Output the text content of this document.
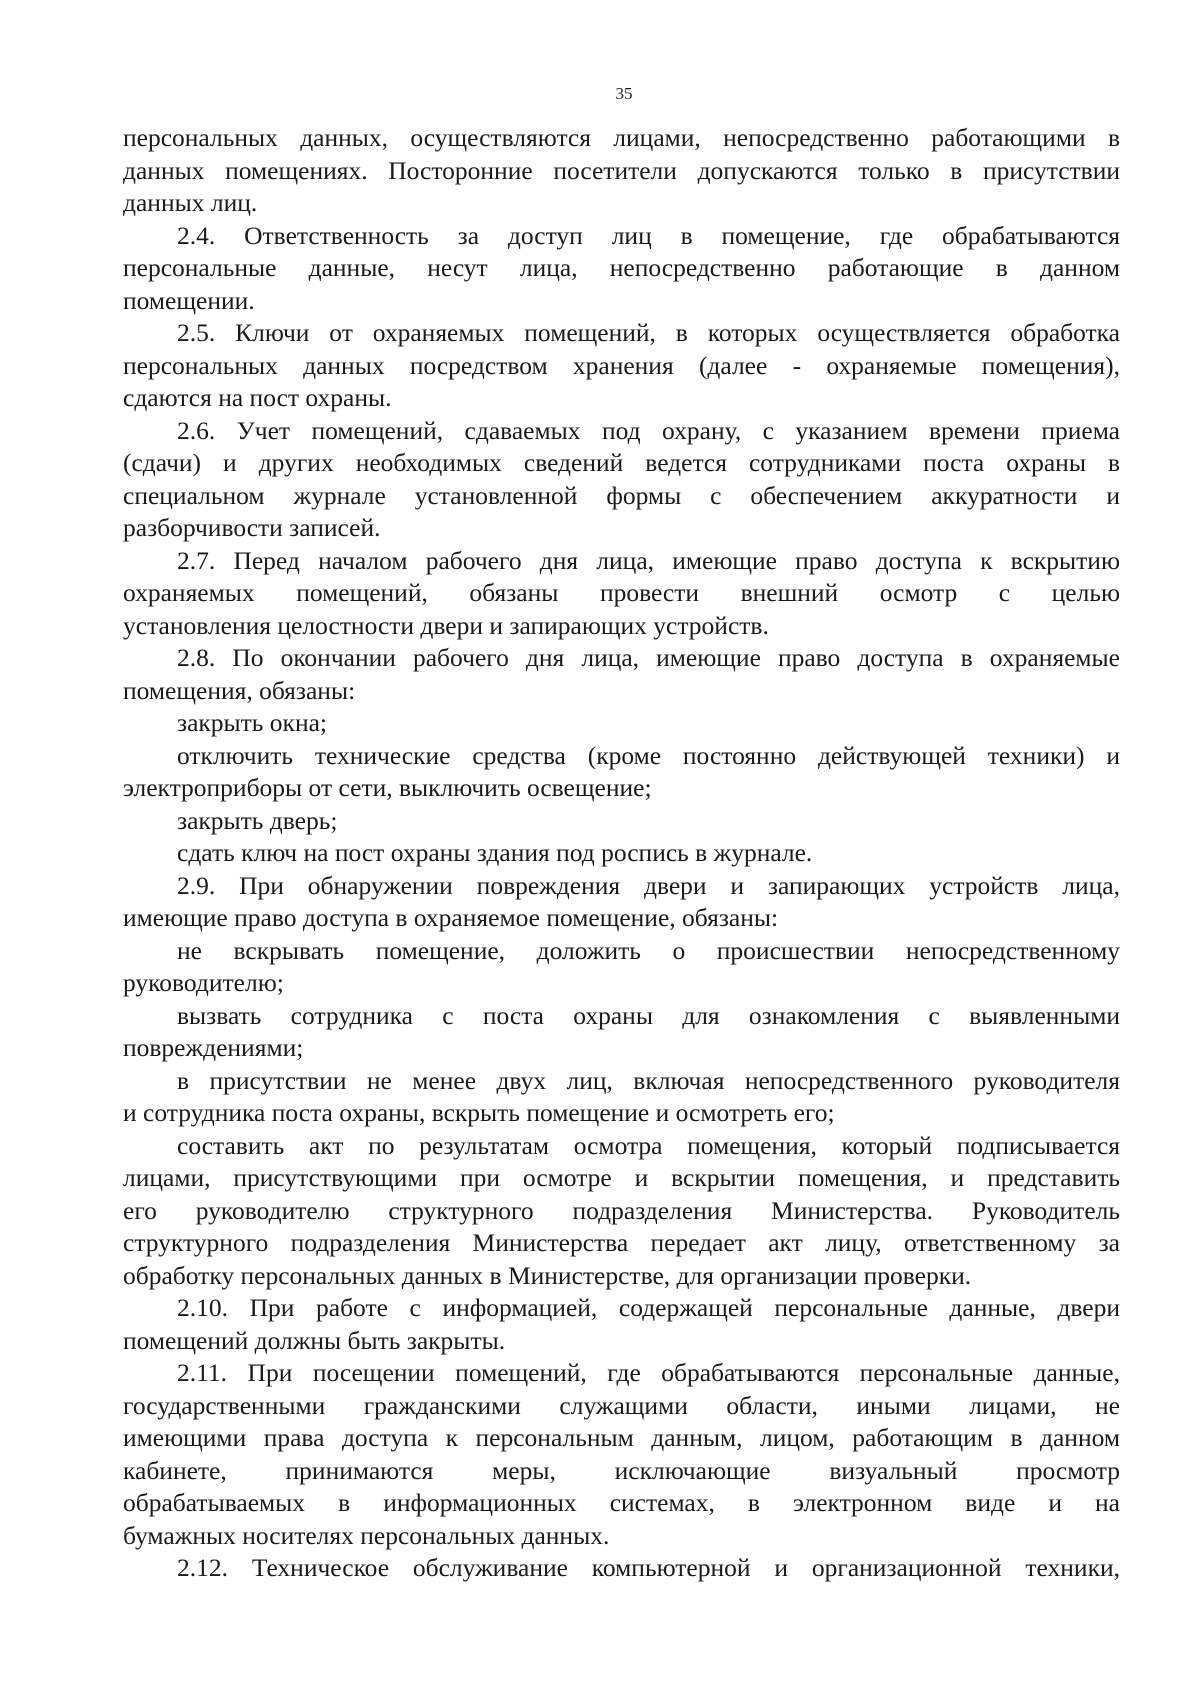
35
персональных данных, осуществляются лицами, непосредственно работающими в
данных помещениях. Посторонние посетители допускаются только в присутствии
данных лиц.
2.4. Ответственность за доступ лиц в помещение, где обрабатываются
персональные данные, несут лица, непосредственно работающие в данном
помещении.
2.5. Ключи от охраняемых помещений, в которых осуществляется обработка
персональных данных посредством хранения (далее - охраняемые помещения),
сдаются на пост охраны.
2.6. Учет помещений, сдаваемых под охрану, с указанием времени приема
(сдачи) и других необходимых сведений ведется сотрудниками поста охраны в
специальном журнале установленной формы с обеспечением аккуратности и
разборчивости записей.
2.7. Перед началом рабочего дня лица, имеющие право доступа к вскрытию
охраняемых помещений, обязаны провести внешний осмотр с целью
установления целостности двери и запирающих устройств.
2.8. По окончании рабочего дня лица, имеющие право доступа в охраняемые
помещения, обязаны:
закрыть окна;
отключить технические средства (кроме постоянно действующей техники) и
электроприборы от сети, выключить освещение;
закрыть дверь;
сдать ключ на пост охраны здания под роспись в журнале.
2.9. При обнаружении повреждения двери и запирающих устройств лица,
имеющие право доступа в охраняемое помещение, обязаны:
не вскрывать помещение, доложить о происшествии непосредственному
руководителю;
вызвать сотрудника с поста охраны для ознакомления с выявленными
повреждениями;
в присутствии не менее двух лиц, включая непосредственного руководителя
и сотрудника поста охраны, вскрыть помещение и осмотреть его;
составить акт по результатам осмотра помещения, который подписывается
лицами, присутствующими при осмотре и вскрытии помещения, и представить
его руководителю структурного подразделения Министерства. Руководитель
структурного подразделения Министерства передает акт лицу, ответственному за
обработку персональных данных в Министерстве, для организации проверки.
2.10. При работе с информацией, содержащей персональные данные, двери
помещений должны быть закрыты.
2.11. При посещении помещений, где обрабатываются персональные данные,
государственными гражданскими служащими области, иными лицами, не
имеющими права доступа к персональным данным, лицом, работающим в данном
кабинете, принимаются меры, исключающие визуальный просмотр
обрабатываемых в информационных системах, в электронном виде и на
бумажных носителях персональных данных.
2.12. Техническое обслуживание компьютерной и организационной техники,
